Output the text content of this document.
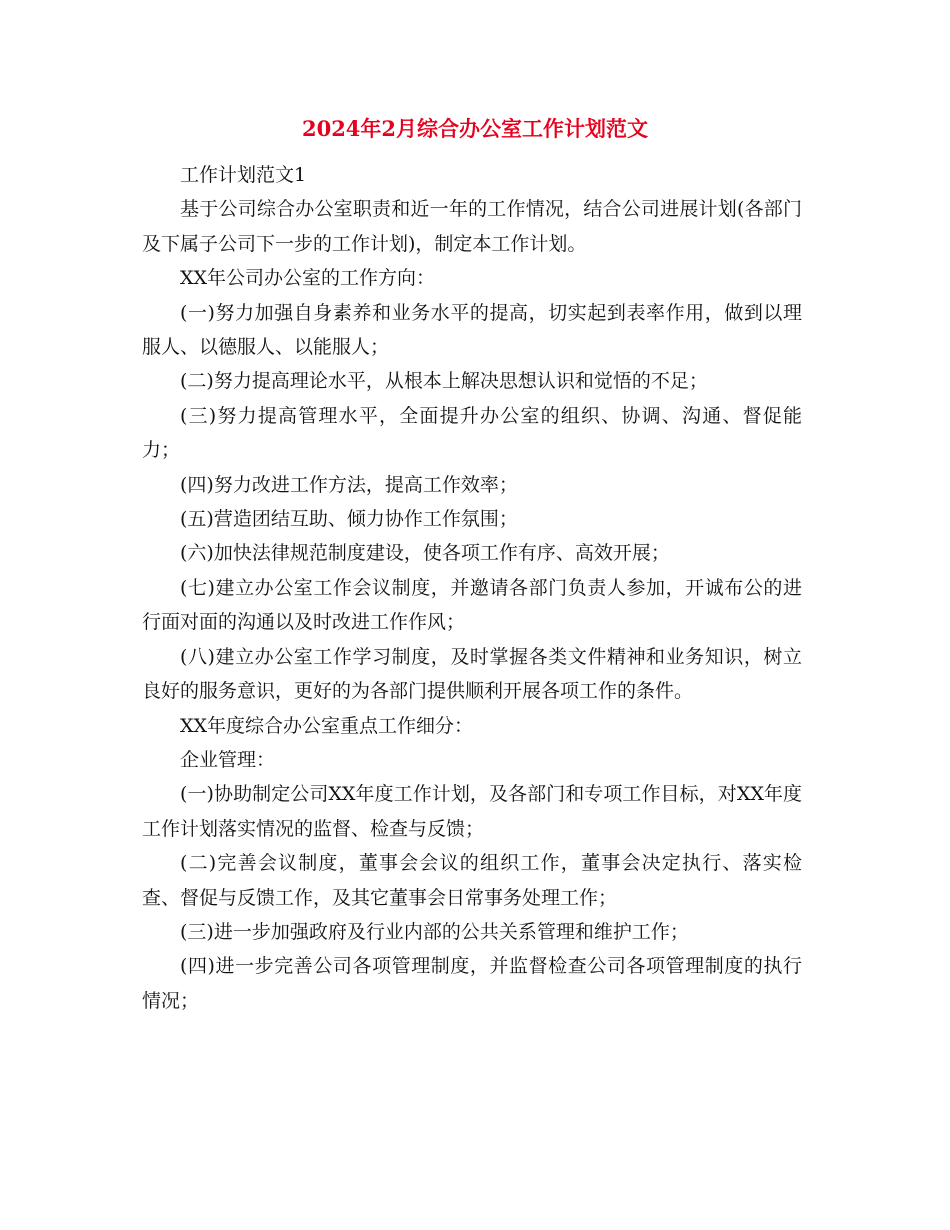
2024年2月综合办公室工作计划范文

工作计划范文1

基于公司综合办公室职责和近一年的工作情况，结合公司进展计划(各部门及下属子公司下一步的工作计划)，制定本工作计划。

XX年公司办公室的工作方向：

(一)努力加强自身素养和业务水平的提高，切实起到表率作用，做到以理服人、以德服人、以能服人；

(二)努力提高理论水平，从根本上解决思想认识和觉悟的不足；

(三)努力提高管理水平，全面提升办公室的组织、协调、沟通、督促能力；

(四)努力改进工作方法，提高工作效率；

(五)营造团结互助、倾力协作工作氛围；

(六)加快法律规范制度建设，使各项工作有序、高效开展；

(七)建立办公室工作会议制度，并邀请各部门负责人参加，开诚布公的进行面对面的沟通以及时改进工作作风；

(八)建立办公室工作学习制度，及时掌握各类文件精神和业务知识，树立良好的服务意识，更好的为各部门提供顺利开展各项工作的条件。

XX年度综合办公室重点工作细分：

企业管理：

(一)协助制定公司XX年度工作计划，及各部门和专项工作目标，对XX年度工作计划落实情况的监督、检查与反馈；

(二)完善会议制度，董事会会议的组织工作，董事会决定执行、落实检查、督促与反馈工作，及其它董事会日常事务处理工作；

(三)进一步加强政府及行业内部的公共关系管理和维护工作；

(四)进一步完善公司各项管理制度，并监督检查公司各项管理制度的执行情况；
